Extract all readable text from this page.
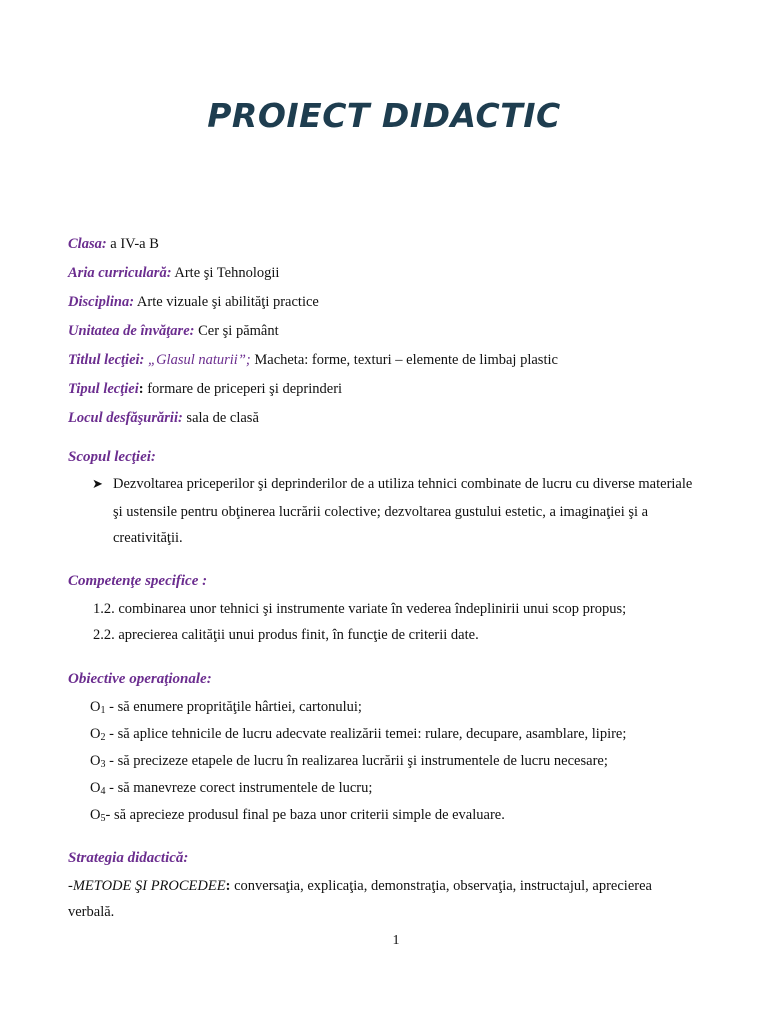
PROIECT DIDACTIC
Clasa: a IV-a B
Aria curriculară: Arte şi Tehnologii
Disciplina: Arte vizuale şi abilităţi practice
Unitatea de învăţare: Cer şi pământ
Titlul lecţiei: „Glasul naturii”; Macheta: forme, texturi – elemente de limbaj plastic
Tipul lecţiei: formare de priceperi şi deprinderi
Locul desfăşurării: sala de clasă
Scopul lecţiei:
➤ Dezvoltarea priceperilor şi deprinderilor de a utiliza tehnici combinate de lucru cu diverse materiale
şi ustensile pentru obţinerea lucrării colective; dezvoltarea gustului estetic, a imaginaţiei şi a
creativităţii.
Competenţe specifice :
1.2. combinarea unor tehnici şi instrumente variate în vederea îndeplinirii unui scop propus;
2.2. aprecierea calităţii unui produs finit, în funcţie de criterii date.
Obiective operaţionale:
$O_1$ - să enumere proprităţile hârtiei, cartonului;
$O_2$ - să aplice tehnicile de lucru adecvate realizării temei: rulare, decupare, asamblare, lipire;
$O_3$ - să precizeze etapele de lucru în realizarea lucrării şi instrumentele de lucru necesare;
$O_4$ - să manevreze corect instrumentele de lucru;
$O_5-$ să aprecieze produsul final pe baza unor criterii simple de evaluare.
Strategia didactică:
-METODE ŞI PROCEDEE: conversaţia, explicaţia, demonstraţia, observaţia, instructajul, aprecierea
verbală.
1
